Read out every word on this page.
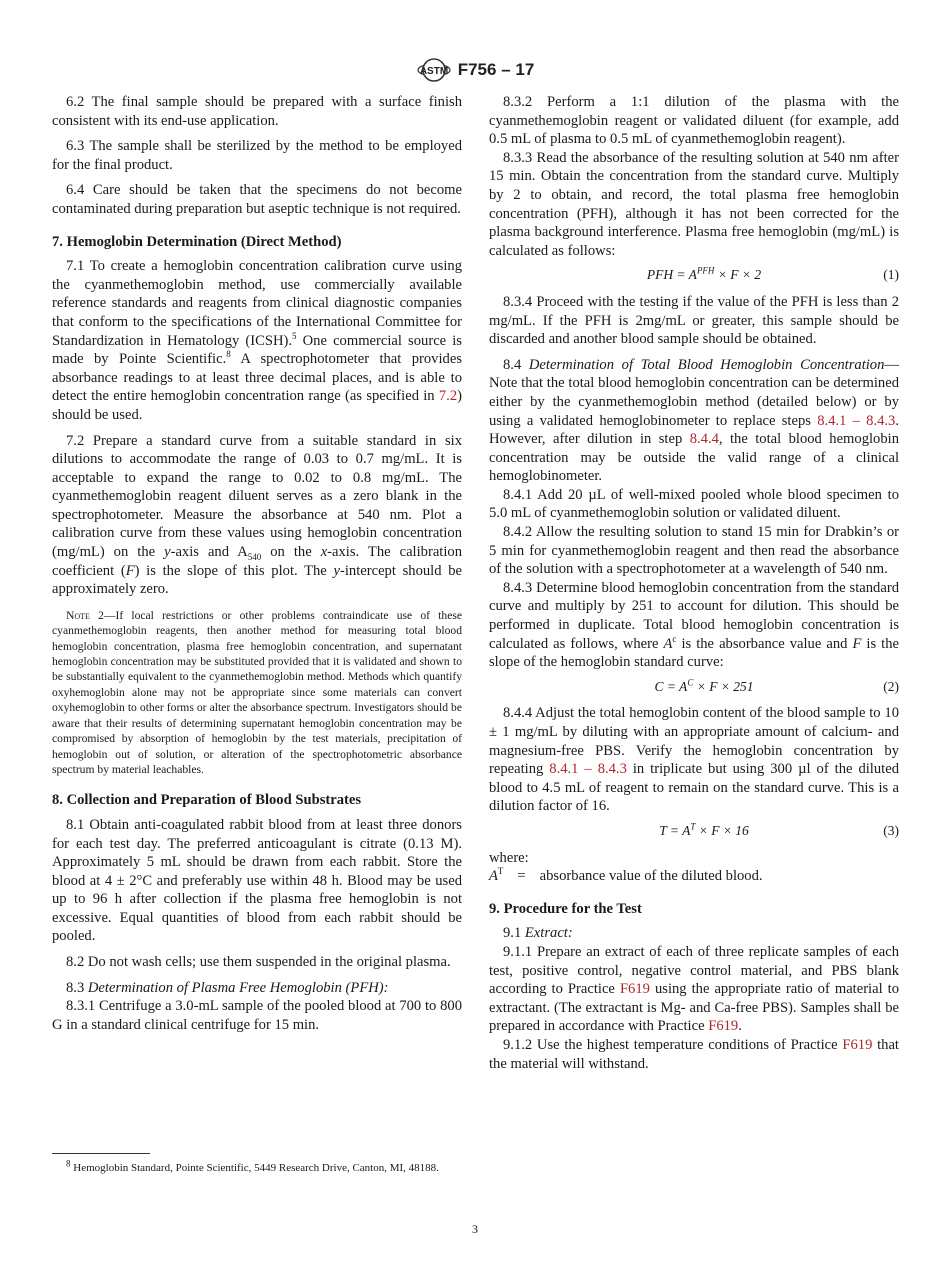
ASTM F756 – 17

6.2 The final sample should be prepared with a surface finish consistent with its end-use application.

6.3 The sample shall be sterilized by the method to be employed for the final product.

6.4 Care should be taken that the specimens do not become contaminated during preparation but aseptic technique is not required.

7. Hemoglobin Determination (Direct Method)

7.1 To create a hemoglobin concentration calibration curve using the cyanmethemoglobin method, use commercially available reference standards and reagents from clinical diagnostic companies that conform to the specifications of the International Committee for Standardization in Hematology (ICSH).$^5$ One commercial source is made by Pointe Scientific.$^8$ A spectrophotometer that provides absorbance readings to at least three decimal places, and is able to detect the entire hemoglobin concentration range (as specified in 7.2) should be used.

7.2 Prepare a standard curve from a suitable standard in six dilutions to accommodate the range of 0.03 to 0.7 mg/mL. It is acceptable to expand the range to 0.02 to 0.8 mg/mL. The cyanmethemoglobin reagent diluent serves as a zero blank in the spectrophotometer. Measure the absorbance at 540 nm. Plot a calibration curve from these values using hemoglobin concentration (mg/mL) on the y-axis and $A_{540}$ on the x-axis. The calibration coefficient (F) is the slope of this plot. The y-intercept should be approximately zero.

Note 2—If local restrictions or other problems contraindicate use of these cyanmethemoglobin reagents, then another method for measuring total blood hemoglobin concentration, plasma free hemoglobin concentration, and supernatant hemoglobin concentration may be substituted provided that it is validated and shown to be substantially equivalent to the cyanmethemoglobin method. Methods which quantify oxyhemoglobin alone may not be appropriate since some materials can convert oxyhemoglobin to other forms or alter the absorbance spectrum. Investigators should be aware that their results of determining supernatant hemoglobin concentration may be compromised by absorption of hemoglobin by the test materials, precipitation of hemoglobin out of solution, or alteration of the spectrophotometric absorbance spectrum by material leachables.

8. Collection and Preparation of Blood Substrates

8.1 Obtain anti-coagulated rabbit blood from at least three donors for each test day. The preferred anticoagulant is citrate (0.13 M). Approximately 5 mL should be drawn from each rabbit. Store the blood at 4 ± 2°C and preferably use within 48 h. Blood may be used up to 96 h after collection if the plasma free hemoglobin is not excessive. Equal quantities of blood from each rabbit should be pooled.

8.2 Do not wash cells; use them suspended in the original plasma.

8.3 Determination of Plasma Free Hemoglobin (PFH):

8.3.1 Centrifuge a 3.0-mL sample of the pooled blood at 700 to 800 G in a standard clinical centrifuge for 15 min.

$^8$ Hemoglobin Standard, Pointe Scientific, 5449 Research Drive, Canton, MI, 48188.

8.3.2 Perform a 1:1 dilution of the plasma with the cyanmethemoglobin reagent or validated diluent (for example, add 0.5 mL of plasma to 0.5 mL of cyanmethemoglobin reagent).

8.3.3 Read the absorbance of the resulting solution at 540 nm after 15 min. Obtain the concentration from the standard curve. Multiply by 2 to obtain, and record, the total plasma free hemoglobin concentration (PFH), although it has not been corrected for the plasma background interference. Plasma free hemoglobin (mg/mL) is calculated as follows:

PFH = $A^{PFH} \times F \times 2$	(1)

8.3.4 Proceed with the testing if the value of the PFH is less than 2 mg/mL. If the PFH is 2mg/mL or greater, this sample should be discarded and another blood sample should be obtained.

8.4 Determination of Total Blood Hemoglobin Concentration—Note that the total blood hemoglobin concentration can be determined either by the cyanmethemoglobin method (detailed below) or by using a validated hemoglobinometer to replace steps 8.4.1 – 8.4.3. However, after dilution in step 8.4.4, the total blood hemoglobin concentration may be outside the valid range of a clinical hemoglobinometer.

8.4.1 Add 20 µL of well-mixed pooled whole blood specimen to 5.0 mL of cyanmethemoglobin solution or validated diluent.

8.4.2 Allow the resulting solution to stand 15 min for Drabkin’s or 5 min for cyanmethemoglobin reagent and then read the absorbance of the solution with a spectrophotometer at a wavelength of 540 nm.

8.4.3 Determine blood hemoglobin concentration from the standard curve and multiply by 251 to account for dilution. This should be performed in duplicate. Total blood hemoglobin concentration is calculated as follows, where $A^c$ is the absorbance value and F is the slope of the hemoglobin standard curve:

$C = A^C \times F \times 251$	(2)

8.4.4 Adjust the total hemoglobin content of the blood sample to 10 ± 1 mg/mL by diluting with an appropriate amount of calcium- and magnesium-free PBS. Verify the hemoglobin concentration by repeating 8.4.1 – 8.4.3 in triplicate but using 300 µl of the diluted blood to 4.5 mL of reagent to remain on the standard curve. This is a dilution factor of 16.

$T = A^T \times F \times 16$	(3)

where:

$A^T$ = absorbance value of the diluted blood.

9. Procedure for the Test

9.1 Extract:

9.1.1 Prepare an extract of each of three replicate samples of each test, positive control, negative control material, and PBS blank according to Practice F619 using the appropriate ratio of material to extractant. (The extractant is Mg- and Ca-free PBS). Samples shall be prepared in accordance with Practice F619.

9.1.2 Use the highest temperature conditions of Practice F619 that the material will withstand.

3
